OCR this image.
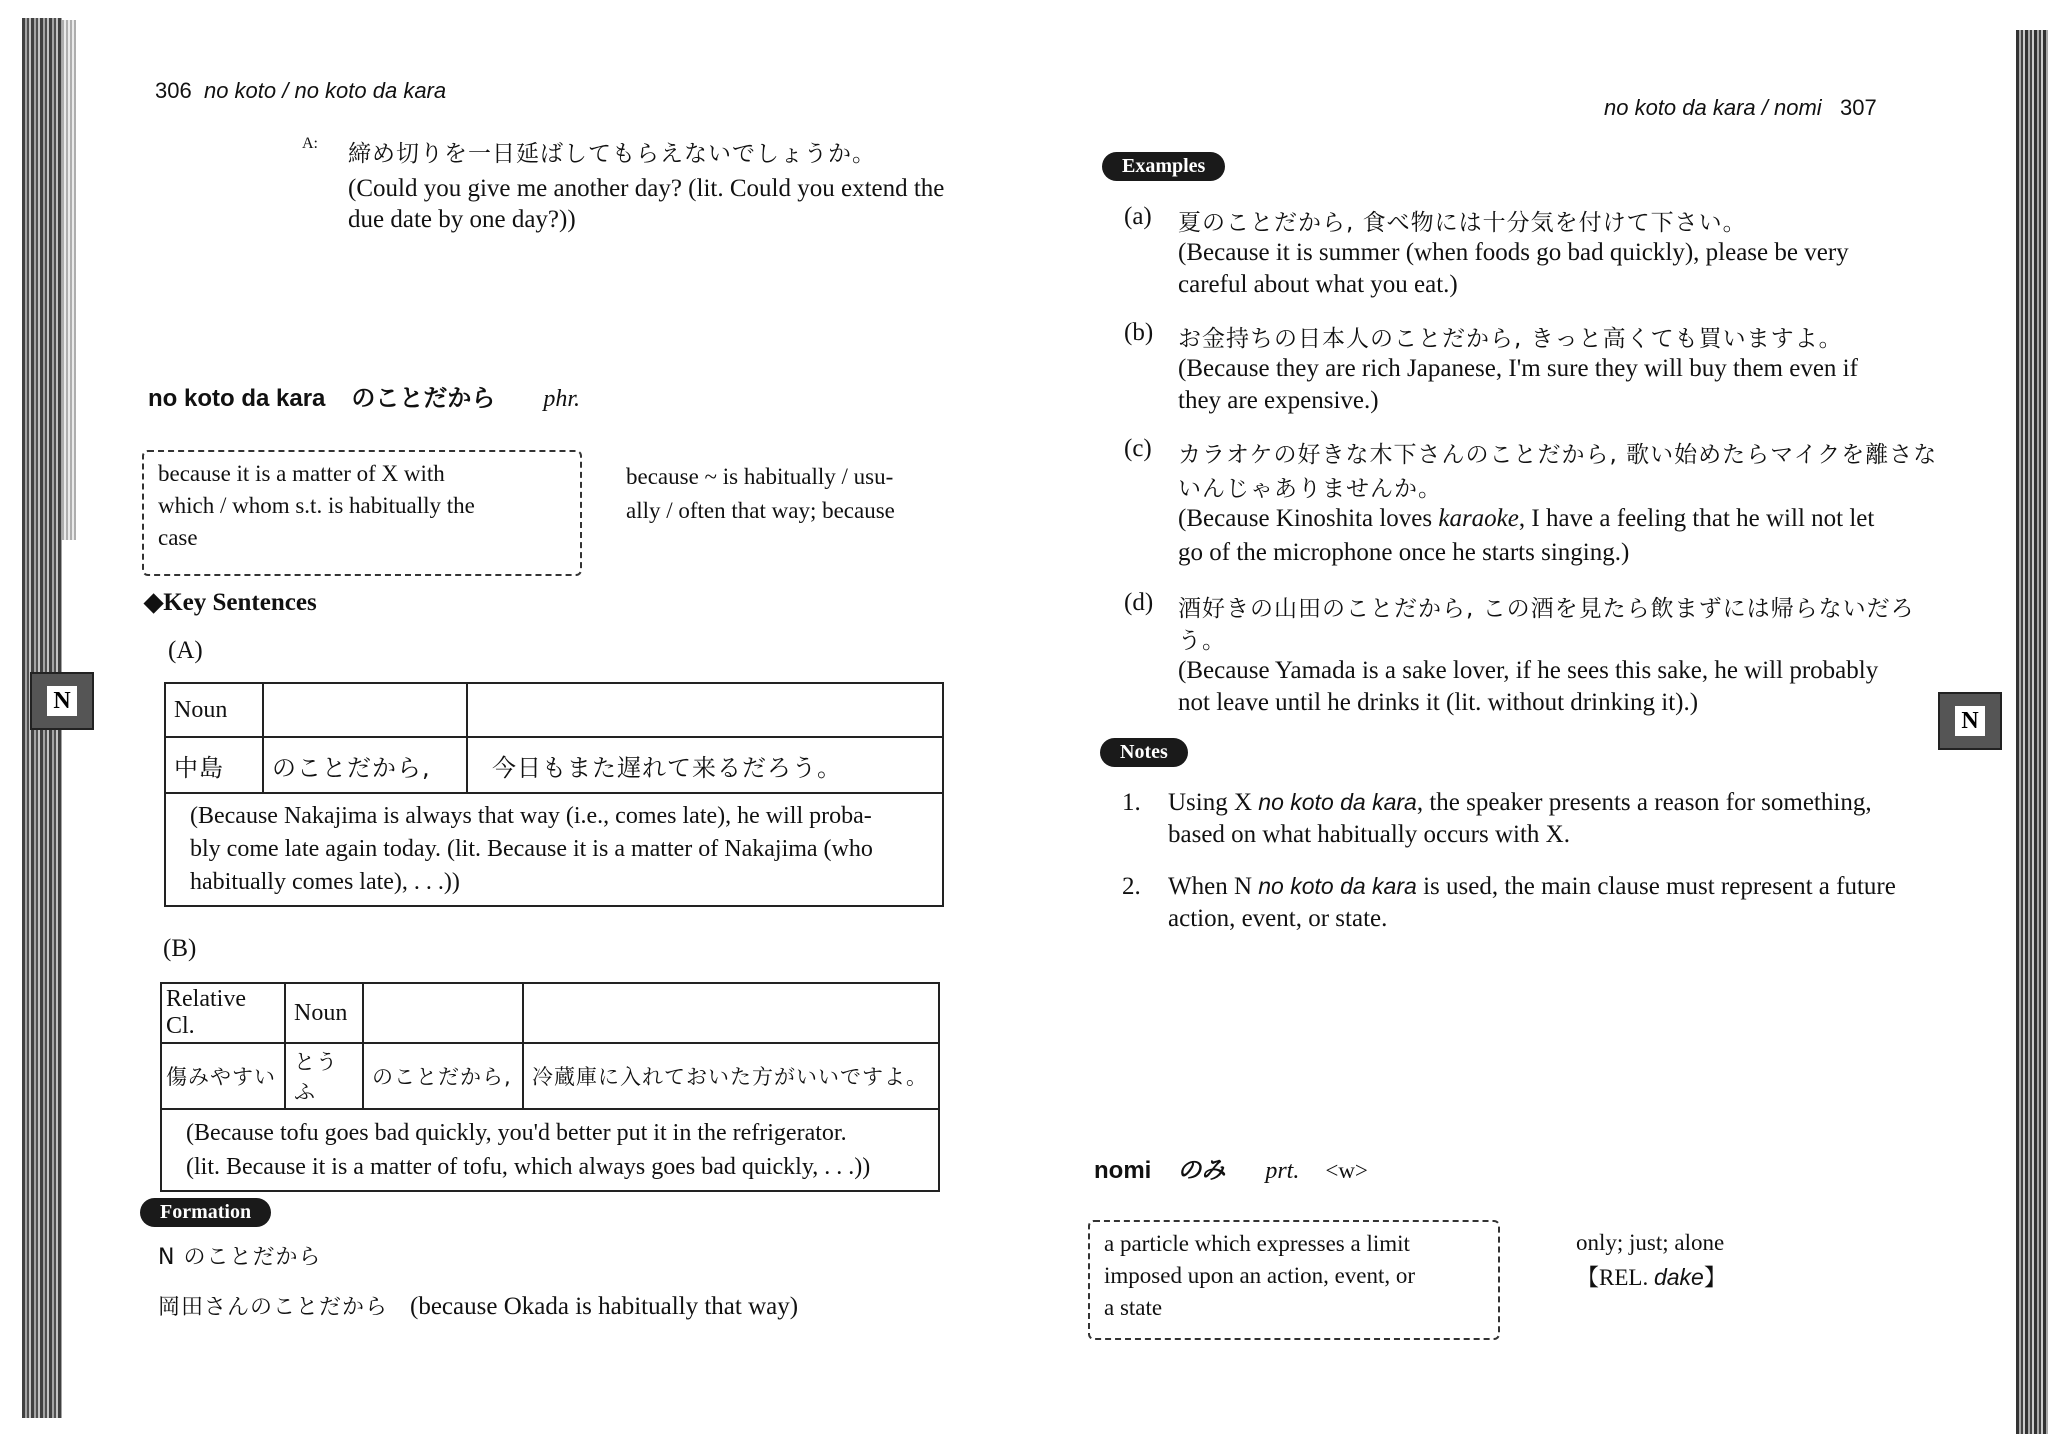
306 no koto / no koto da kara
A: 締め切りを一日延ばしてもらえないでしょうか。
(Could you give me another day? (lit. Could you extend the
due date by one day?))
no koto da kara のことだから phr.
because it is a matter of X with
which / whom s.t. is habitually the
case
because ~ is habitually / usu-
ally / often that way; because
◆Key Sentences
(A)
Noun		
中島	のことだから,	今日もまた遅れて来るだろう。

(Because Nakajima is always that way (i.e., comes late), he will proba-
bly come late again today. (lit. Because it is a matter of Nakajima (who
habitually comes late), . . .))		
(B)
Relative Cl.	Noun		
傷みやすい	とうふ	のことだから,	冷蔵庫に入れておいた方がいいですよ。

(Because tofu goes bad quickly, you'd better put it in the refrigerator.
(lit. Because it is a matter of tofu, which always goes bad quickly, . . .))			
Formation
N のことだから
岡田さんのことだから (because Okada is habitually that way)
N
no koto da kara / nomi 307
Examples
(a) 夏のことだから, 食べ物には十分気を付けて下さい。
(Because it is summer (when foods go bad quickly), please be very
careful about what you eat.)
(b) お金持ちの日本人のことだから, きっと高くても買いますよ。
(Because they are rich Japanese, I'm sure they will buy them even if
they are expensive.)
(c) カラオケの好きな木下さんのことだから, 歌い始めたらマイクを離さな
いんじゃありませんか。
(Because Kinoshita loves karaoke, I have a feeling that he will not let
go of the microphone once he starts singing.)
(d) 酒好きの山田のことだから, この酒を見たら飲まずには帰らないだろ
う。
(Because Yamada is a sake lover, if he sees this sake, he will probably
not leave until he drinks it (lit. without drinking it).)
Notes
1. Using X no koto da kara, the speaker presents a reason for something,
based on what habitually occurs with X.
2. When N no koto da kara is used, the main clause must represent a future
action, event, or state.
nomi のみ prt. <w>
a particle which expresses a limit
imposed upon an action, event, or
a state
only; just; alone
【REL. dake】
N
